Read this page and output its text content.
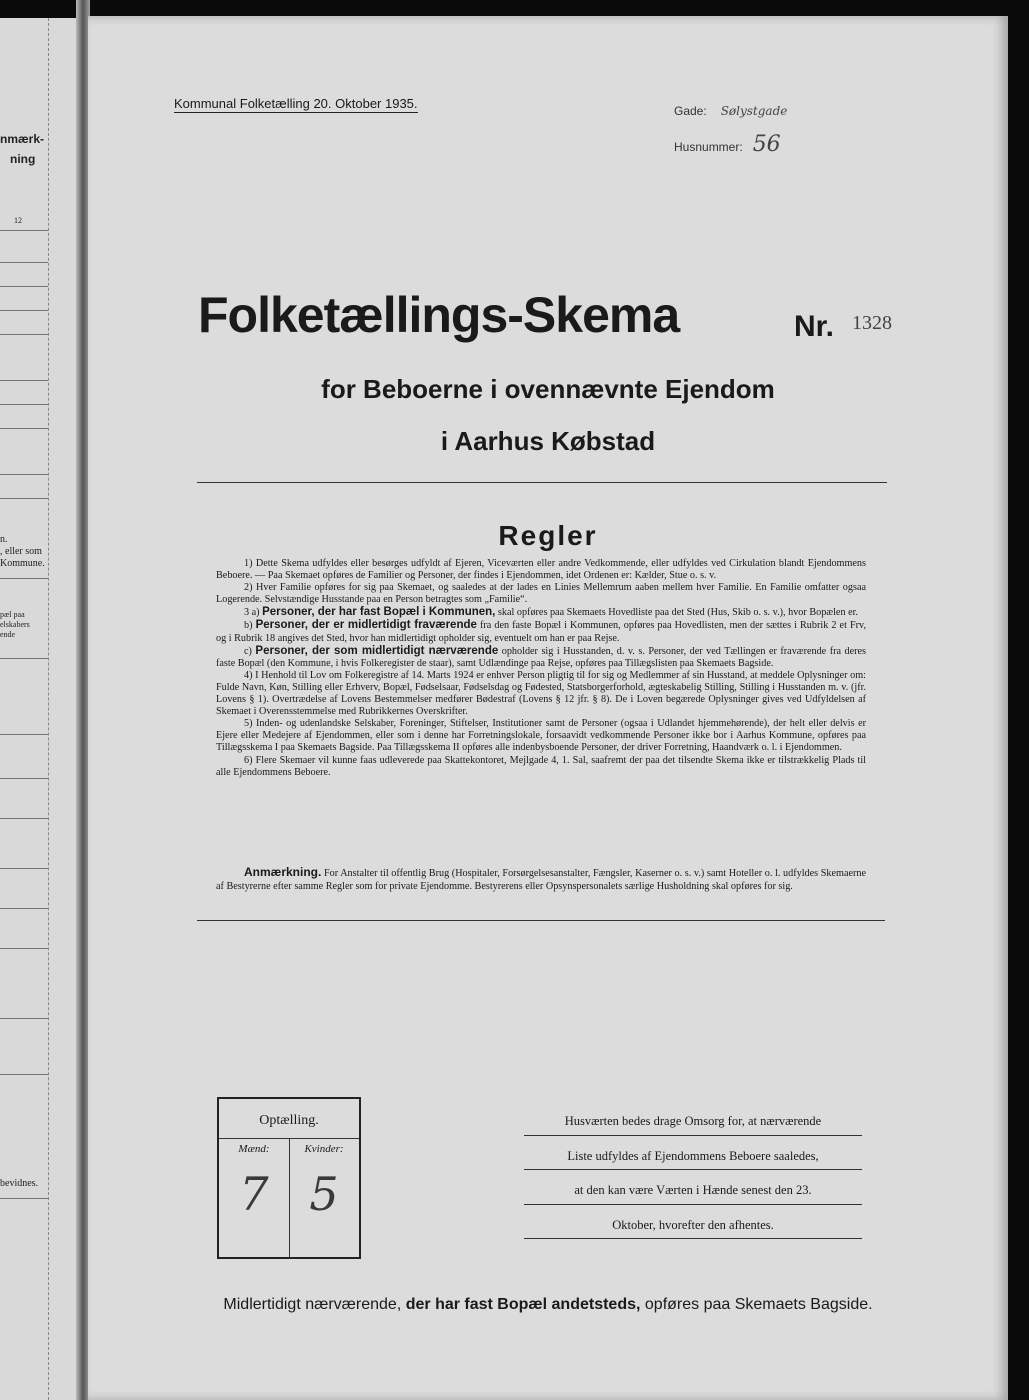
nmærk-
ning
12
n.
, eller som
Kommune.
pæl paa
elskabers
ende
bevidnes.
Kommunal Folketælling 20. Oktober 1935.	Gade: Sølystgade
Husnummer: 56
Folketællings-Skema	Nr. 1328
for Beboerne i ovennævnte Ejendom
i Aarhus Købstad
Regler

1) Dette Skema udfyldes eller besørges udfyldt af Ejeren, Viceværten eller andre Vedkommende, eller udfyldes ved Cirkulation blandt Ejendommens Beboere. — Paa Skemaet opføres de Familier og Personer, der findes i Ejendommen, idet Ordenen er: Kælder, Stue o. s. v.

2) Hver Familie opføres for sig paa Skemaet, og saaledes at der lades en Linies Mellemrum aaben mellem hver Familie. En Familie omfatter ogsaa Logerende. Selvstændige Husstande paa en Person betragtes som „Familie“.

3 a) Personer, der har fast Bopæl i Kommunen, skal opføres paa Skemaets Hovedliste paa det Sted (Hus, Skib o. s. v.), hvor Bopælen er.

b) Personer, der er midlertidigt fraværende fra den faste Bopæl i Kommunen, opføres paa Hovedlisten, men der sættes i Rubrik 2 et Frv, og i Rubrik 18 angives det Sted, hvor han midlertidigt opholder sig, eventuelt om han er paa Rejse.

c) Personer, der som midlertidigt nærværende opholder sig i Husstanden, d. v. s. Personer, der ved Tællingen er fraværende fra deres faste Bopæl (den Kommune, i hvis Folkeregister de staar), samt Udlændinge paa Rejse, opføres paa Tillægslisten paa Skemaets Bagside.

4) I Henhold til Lov om Folkeregistre af 14. Marts 1924 er enhver Person pligtig til for sig og Medlemmer af sin Husstand, at meddele Oplysninger om: Fulde Navn, Køn, Stilling eller Erhverv, Bopæl, Fødselsaar, Fødselsdag og Fødested, Statsborgerforhold, ægteskabelig Stilling, Stilling i Husstanden m. v. (jfr. Lovens § 1). Overtrædelse af Lovens Bestemmelser medfører Bødestraf (Lovens § 12 jfr. § 8). De i Loven begærede Oplysninger gives ved Udfyldelsen af Skemaet i Overensstemmelse med Rubrikkernes Overskrifter.

5) Inden- og udenlandske Selskaber, Foreninger, Stiftelser, Institutioner samt de Personer (ogsaa i Udlandet hjemmehørende), der helt eller delvis er Ejere eller Medejere af Ejendommen, eller som i denne har Forretningslokale, forsaavidt vedkommende Personer ikke bor i Aarhus Kommune, opføres paa Tillægsskema I paa Skemaets Bagside. Paa Tillægsskema II opføres alle indenbysboende Personer, der driver Forretning, Haandværk o. l. i Ejendommen.

6) Flere Skemaer vil kunne faas udleverede paa Skattekontoret, Mejlgade 4, 1. Sal, saafremt der paa det tilsendte Skema ikke er tilstrækkelig Plads til alle Ejendommens Beboere.

Anmærkning. For Anstalter til offentlig Brug (Hospitaler, Forsørgelsesanstalter, Fængsler, Kaserner o. s. v.) samt Hoteller o. l. udfyldes Skemaerne af Bestyrerne efter samme Regler som for private Ejendomme. Bestyrerens eller Opsynspersonalets særlige Husholdning skal opføres for sig.
Optælling.
Mænd:	Kvinder:
7 5
Husværten bedes drage Omsorg for, at nærværende
Liste udfyldes af Ejendommens Beboere saaledes,
at den kan være Værten i Hænde senest den 23.
Oktober, hvorefter den afhentes.
Midlertidigt nærværende, der har fast Bopæl andetsteds, opføres paa Skemaets Bagside.
